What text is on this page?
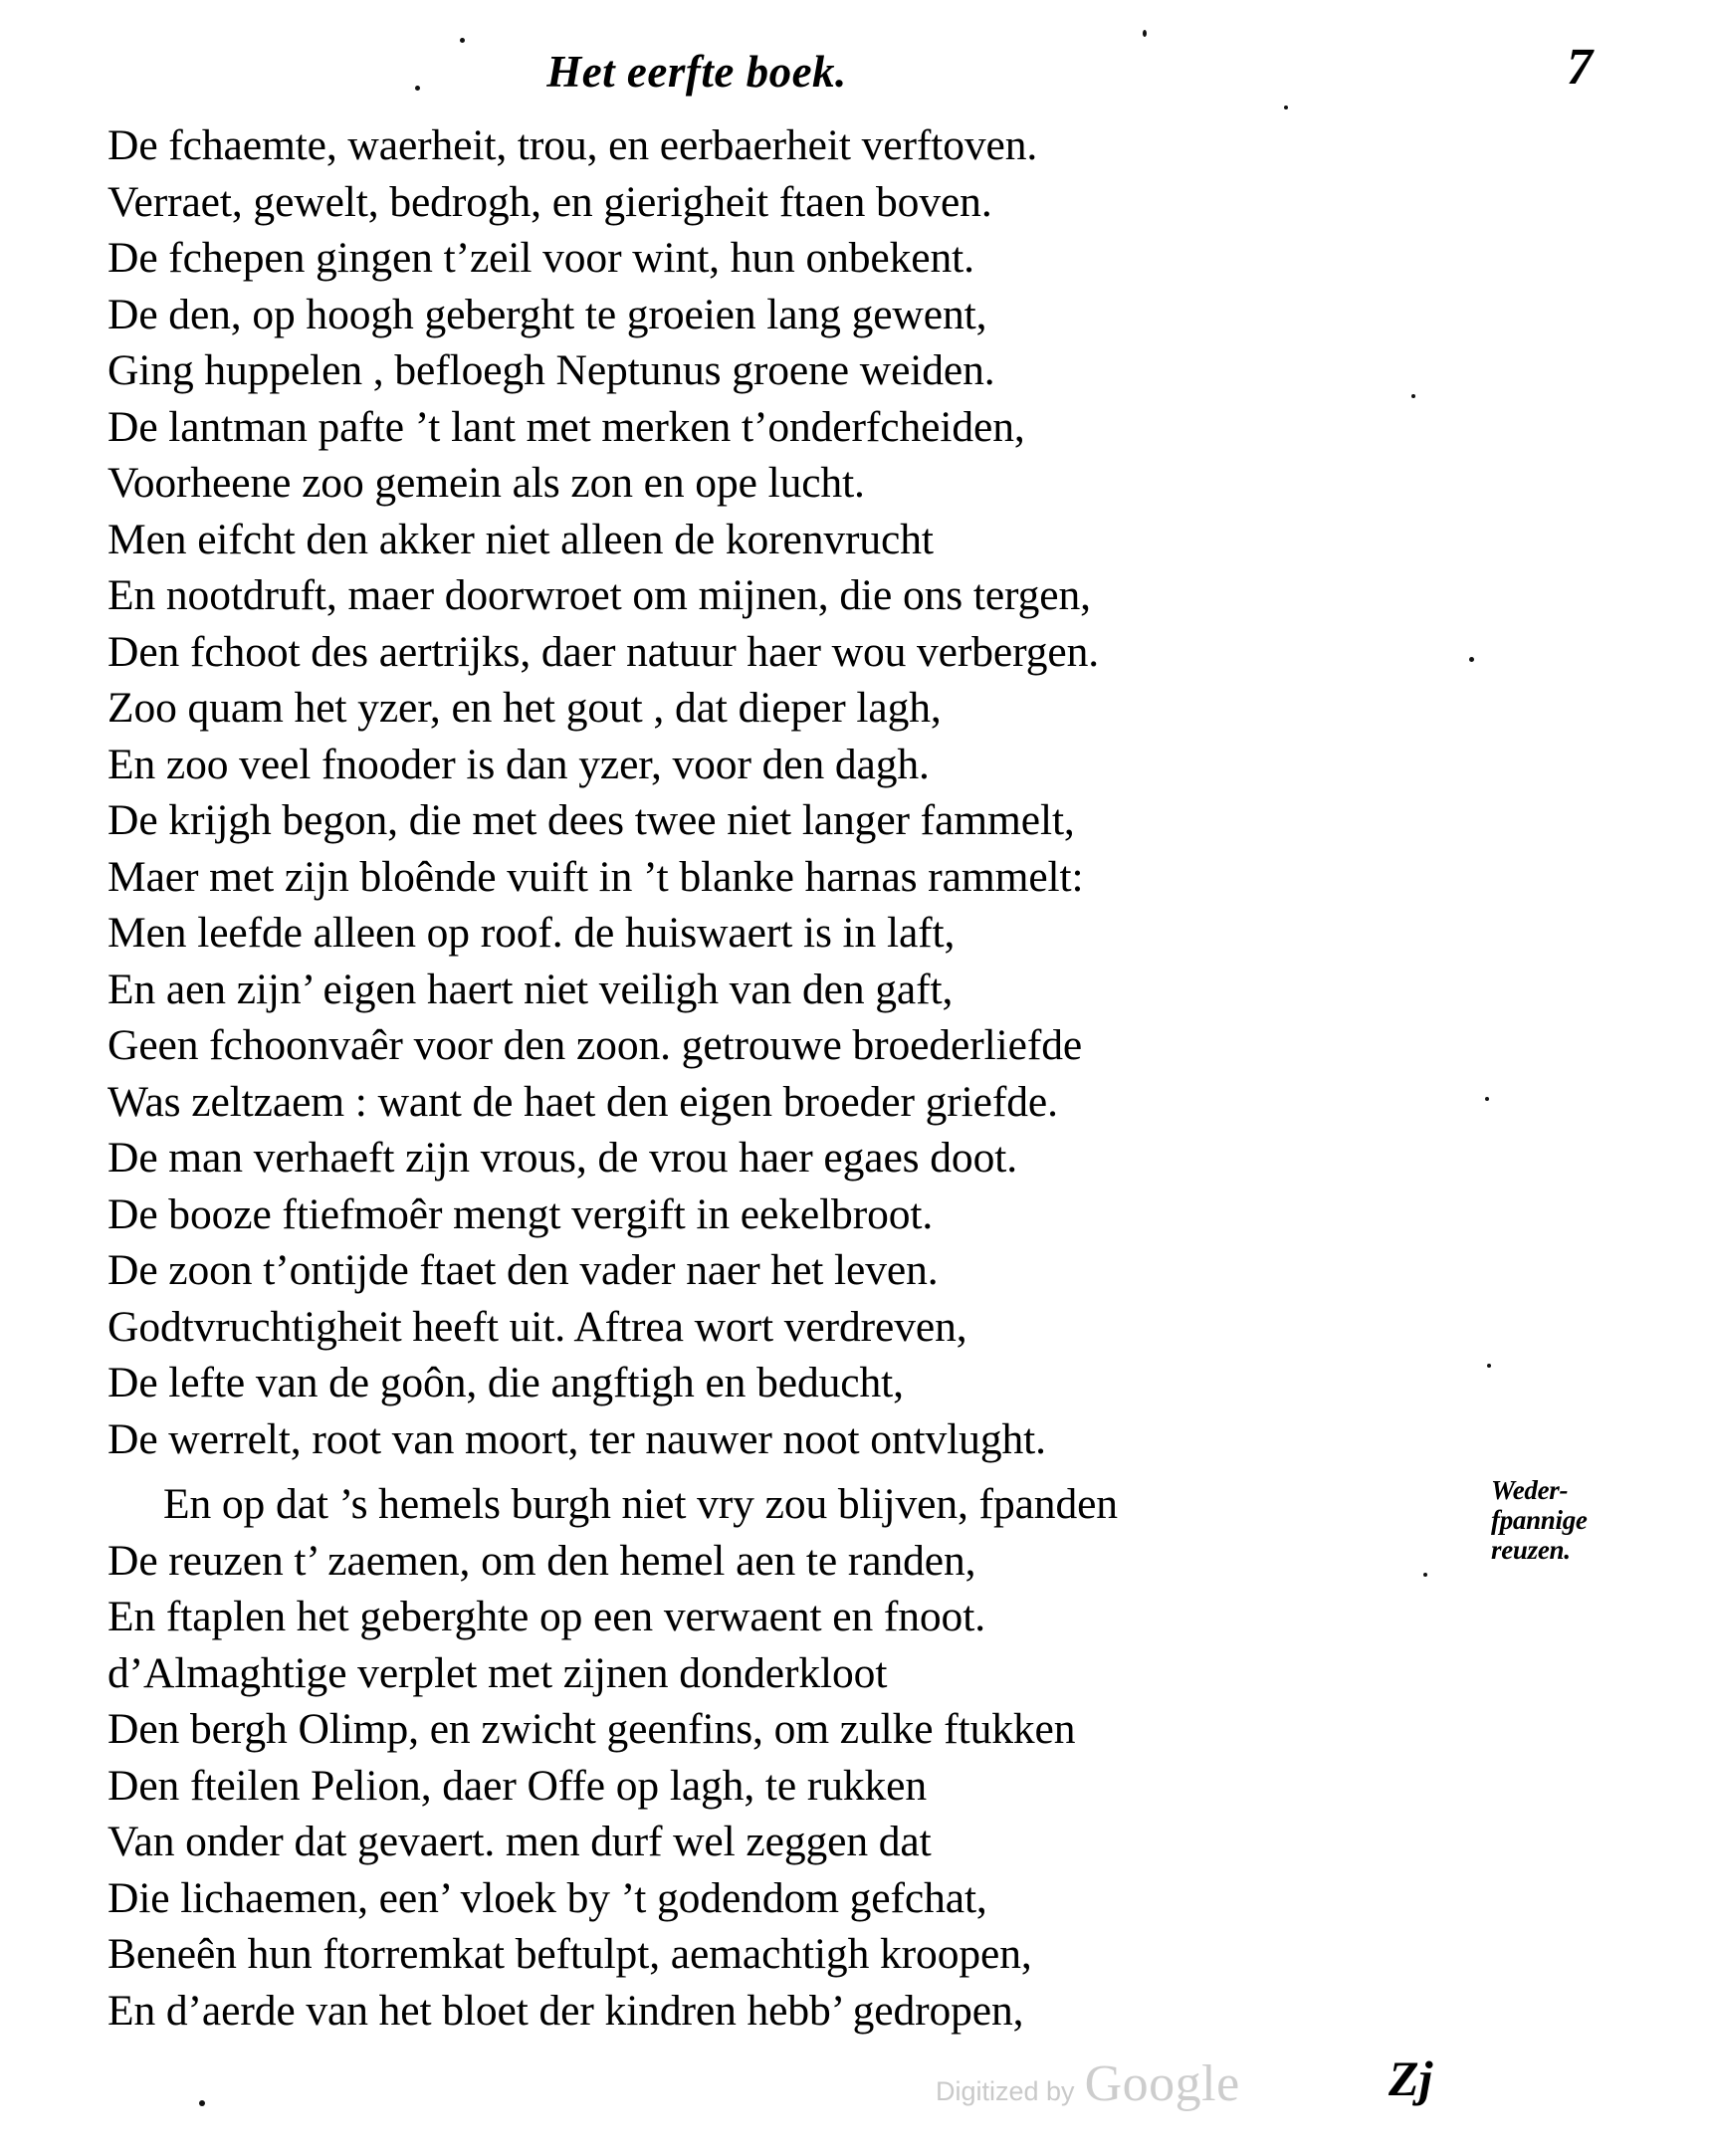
Het eerfte boek.	7
De fchaemte, waerheit, trou, en eerbaerheit verftoven.
Verraet, gewelt, bedrogh, en gierigheit ftaen boven.
De fchepen gingen t’zeil voor wint, hun onbekent.
De den, op hoogh geberght te groeien lang gewent,
Ging huppelen , befloegh Neptunus groene weiden.
De lantman pafte ’t lant met merken t’onderfcheiden,
Voorheene zoo gemein als zon en ope lucht.
Men eifcht den akker niet alleen de korenvrucht
En nootdruft, maer doorwroet om mijnen, die ons tergen,
Den fchoot des aertrijks, daer natuur haer wou verbergen.
Zoo quam het yzer, en het gout , dat dieper lagh,
En zoo veel fnooder is dan yzer, voor den dagh.
De krijgh begon, die met dees twee niet langer fammelt,
Maer met zijn bloênde vuift in ’t blanke harnas rammelt:
Men leefde alleen op roof. de huiswaert is in laft,
En aen zijn’ eigen haert niet veiligh van den gaft,
Geen fchoonvaêr voor den zoon. getrouwe broederliefde
Was zeltzaem : want de haet den eigen broeder griefde.
De man verhaeft zijn vrous, de vrou haer egaes doot.
De booze ftiefmoêr mengt vergift in eekelbroot.
De zoon t’ontijde ftaet den vader naer het leven.
Godtvruchtigheit heeft uit. Aftrea wort verdreven,
De lefte van de goôn, die angftigh en beducht,
De werrelt, root van moort, ter nauwer noot ontvlught.
En op dat ’s hemels burgh niet vry zou blijven, fpanden
De reuzen t’ zaemen, om den hemel aen te randen,
En ftaplen het geberghte op een verwaent en fnoot.
d’Almaghtige verplet met zijnen donderkloot
Den bergh Olimp, en zwicht geenfins, om zulke ftukken
Den fteilen Pelion, daer Offe op lagh, te rukken
Van onder dat gevaert. men durf wel zeggen dat
Die lichaemen, een’ vloek by ’t godendom gefchat,
Beneên hun ftorremkat beftulpt, aemachtigh kroopen,
En d’aerde van het bloet der kindren hebb’ gedropen,
Weder-
fpannige
reuzen.
Zj
Digitized by Google
